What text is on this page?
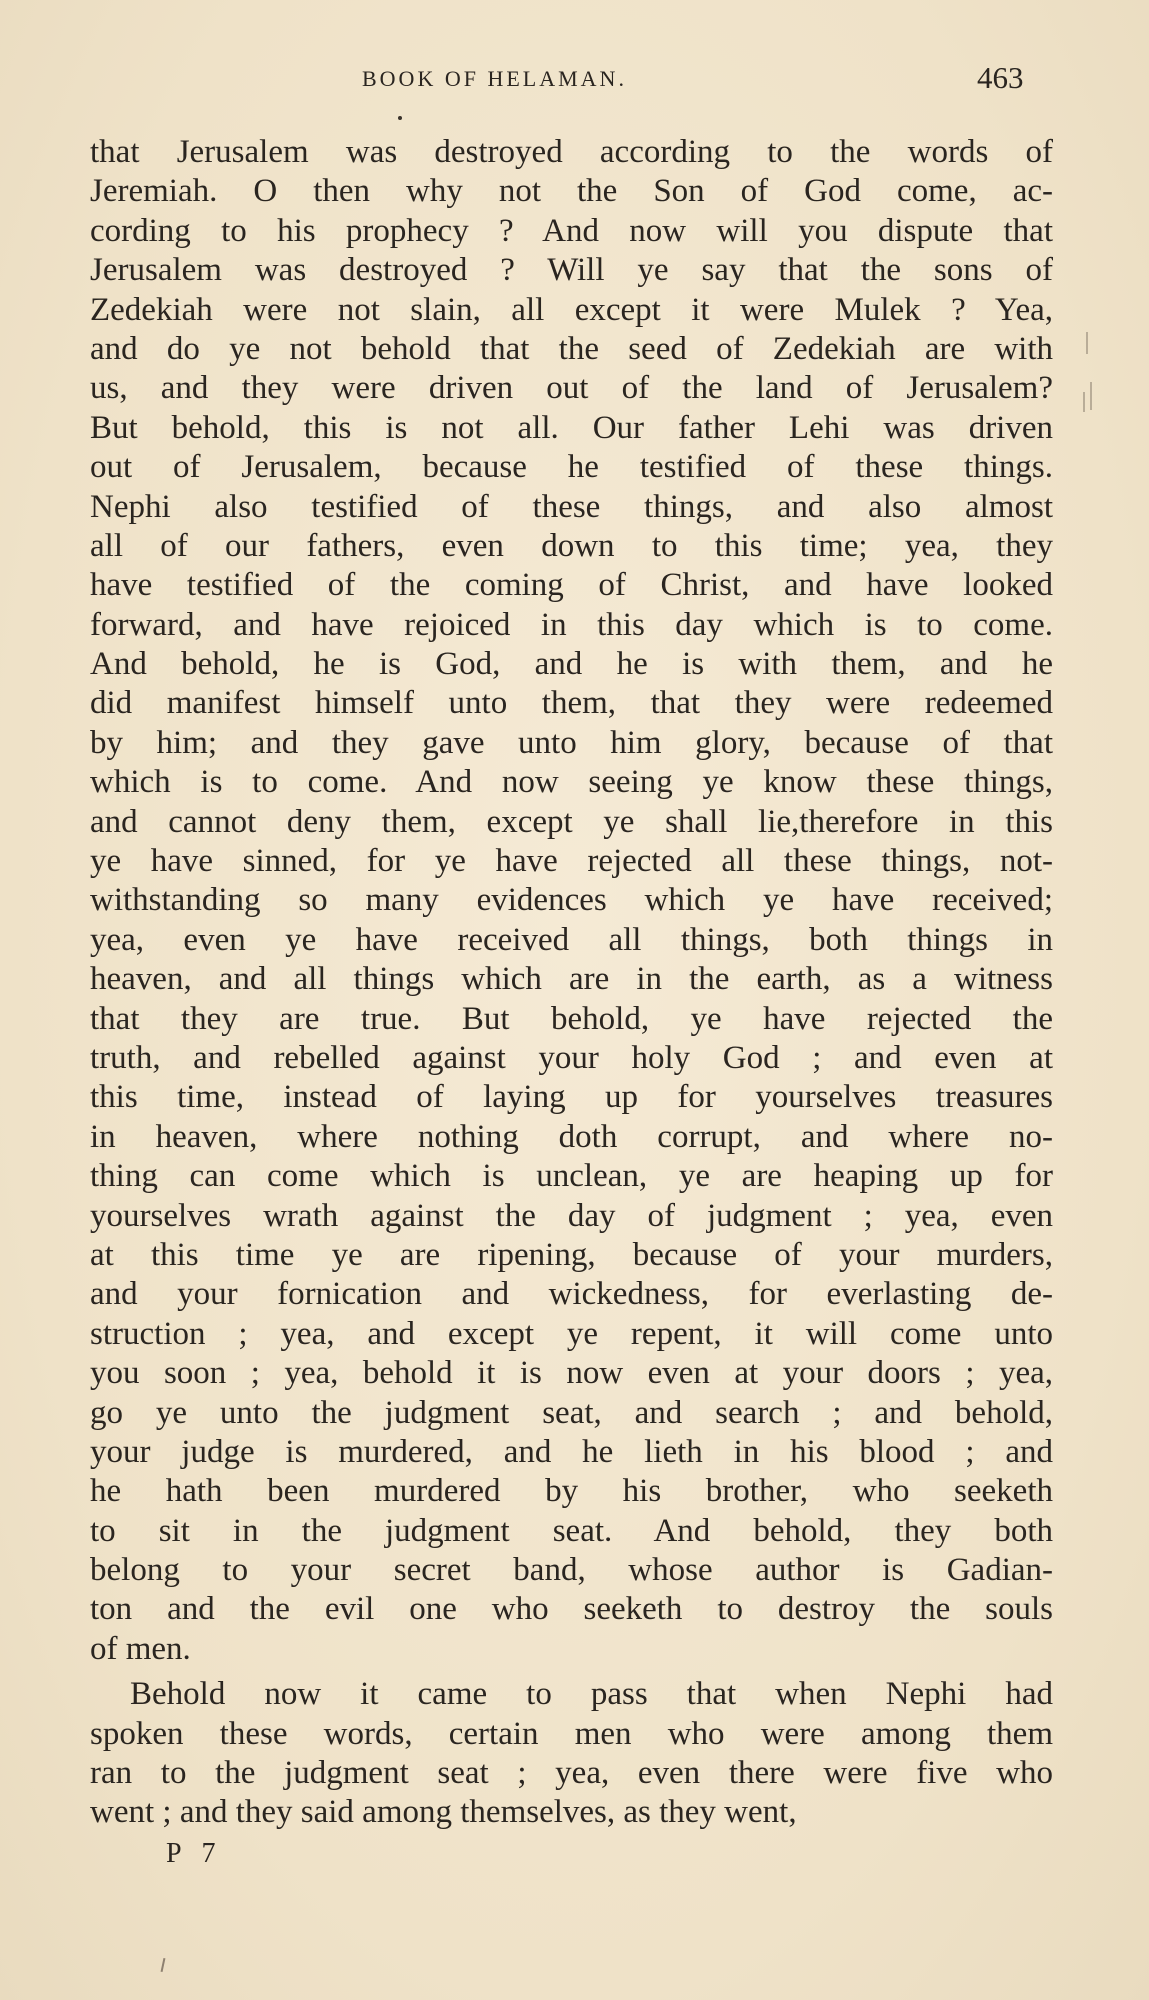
BOOK OF HELAMAN.	463
that Jerusalem was destroyed according to the words of
Jeremiah. O then why not the Son of God come, ac-
cording to his prophecy ? And now will you dispute that
Jerusalem was destroyed ? Will ye say that the sons of
Zedekiah were not slain, all except it were Mulek ? Yea,
and do ye not behold that the seed of Zedekiah are with
us, and they were driven out of the land of Jerusalem?
But behold, this is not all. Our father Lehi was driven
out of Jerusalem, because he testified of these things.
Nephi also testified of these things, and also almost
all of our fathers, even down to this time; yea, they
have testified of the coming of Christ, and have looked
forward, and have rejoiced in this day which is to come.
And behold, he is God, and he is with them, and he
did manifest himself unto them, that they were redeemed
by him; and they gave unto him glory, because of that
which is to come. And now seeing ye know these things,
and cannot deny them, except ye shall lie,therefore in this
ye have sinned, for ye have rejected all these things, not-
withstanding so many evidences which ye have received;
yea, even ye have received all things, both things in
heaven, and all things which are in the earth, as a witness
that they are true. But behold, ye have rejected the
truth, and rebelled against your holy God ; and even at
this time, instead of laying up for yourselves treasures
in heaven, where nothing doth corrupt, and where no-
thing can come which is unclean, ye are heaping up for
yourselves wrath against the day of judgment ; yea, even
at this time ye are ripening, because of your murders,
and your fornication and wickedness, for everlasting de-
struction ; yea, and except ye repent, it will come unto
you soon ; yea, behold it is now even at your doors ; yea,
go ye unto the judgment seat, and search ; and behold,
your judge is murdered, and he lieth in his blood ; and
he hath been murdered by his brother, who seeketh
to sit in the judgment seat. And behold, they both
belong to your secret band, whose author is Gadian-
ton and the evil one who seeketh to destroy the souls
of men.
Behold now it came to pass that when Nephi had
spoken these words, certain men who were among them
ran to the judgment seat ; yea, even there were five who
went ; and they said among themselves, as they went,
P 7
